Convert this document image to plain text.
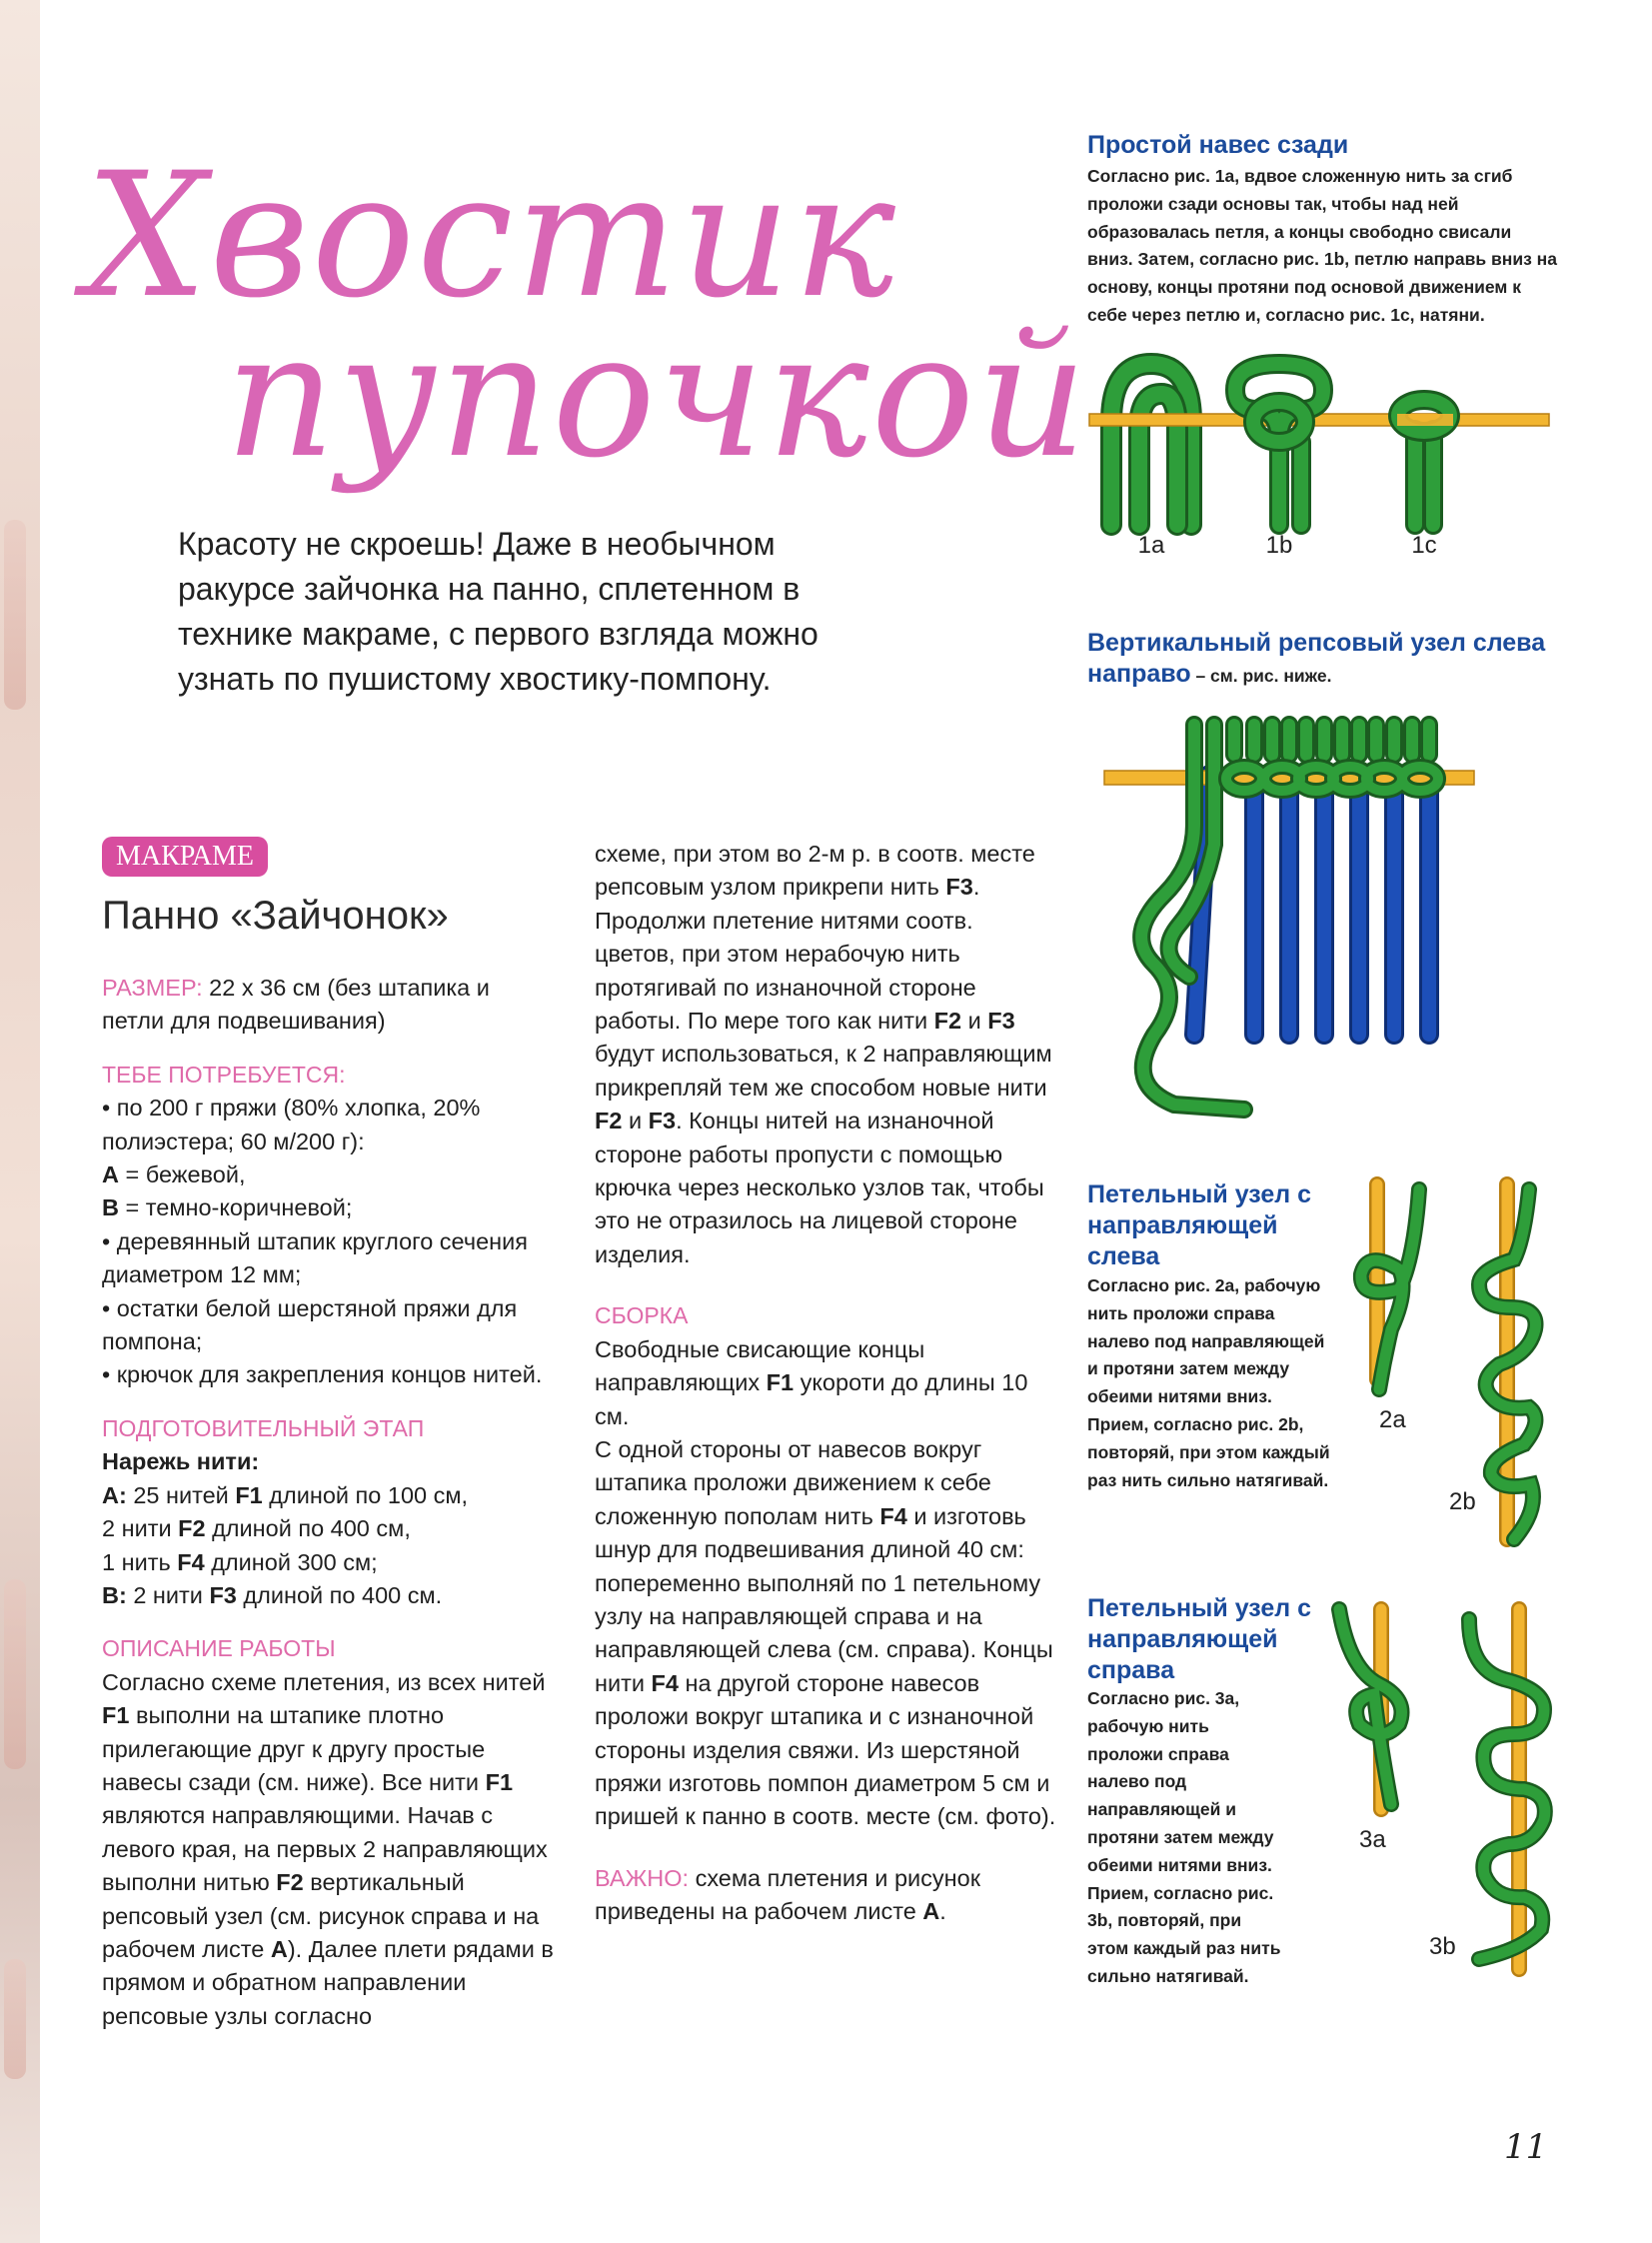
Хвостик
пупочкой
Красоту не скроешь! Даже в необычном ракурсе зайчонка на панно, сплетенном в технике макраме, с первого взгляда можно узнать по пушистому хвостику-помпону.
МАКРАМЕ
Панно «Зайчонок»

РАЗМЕР: 22 х 36 см (без штапика и петли для подвешивания)

ТЕБЕ ПОТРЕБУЕТСЯ:

• по 200 г пряжи (80% хлопка, 20% полиэстера; 60 м/200 г):

A = бежевой,

B = темно-коричневой;

• деревянный штапик круглого сечения диаметром 12 мм;

• остатки белой шерстяной пряжи для помпона;

• крючок для закрепления концов нитей.

ПОДГОТОВИТЕЛЬНЫЙ ЭТАП

Нарежь нити:

A: 25 нитей F1 длиной по 100 см,

2 нити F2 длиной по 400 см,

1 нить F4 длиной 300 см;

B: 2 нити F3 длиной по 400 см.

ОПИСАНИЕ РАБОТЫ

Согласно схеме плетения, из всех нитей F1 выполни на штапике плотно прилегающие друг к другу простые навесы сзади (см. ниже). Все нити F1 являются направляющими. Начав с левого края, на первых 2 направляющих выполни нитью F2 вертикальный репсовый узел (см. рисунок справа и на рабочем листе A). Далее плети рядами в прямом и обратном направлении репсовые узлы согласно

схеме, при этом во 2-м р. в соотв. месте репсовым узлом прикрепи нить F3. Продолжи плетение нитями соотв. цветов, при этом нерабочую нить протягивай по изнаночной стороне работы. По мере того как нити F2 и F3 будут использоваться, к 2 направляющим прикрепляй тем же способом новые нити F2 и F3. Концы нитей на изнаночной стороне работы пропусти с помощью крючка через несколько узлов так, чтобы это не отразилось на лицевой стороне изделия.

СБОРКА

Свободные свисающие концы направляющих F1 укороти до длины 10 см.

С одной стороны от навесов вокруг штапика проложи движением к себе сложенную пополам нить F4 и изготовь шнур для подвешивания длиной 40 см: попеременно выполняй по 1 петельному узлу на направляющей справа и на направляющей слева (см. справа). Концы нити F4 на другой стороне навесов проложи вокруг штапика и с изнаночной стороны изделия свяжи. Из шерстяной пряжи изготовь помпон диаметром 5 см и пришей к панно в соотв. месте (см. фото).

ВАЖНО: схема плетения и рисунок приведены на рабочем листе A.

Простой навес сзади
Согласно рис. 1a, вдвое сложенную нить за сгиб проложи сзади основы так, чтобы над ней образовалась петля, а концы свободно свисали вниз. Затем, согласно рис. 1b, петлю направь вниз на основу, концы протяни под основой движением к себе через петлю и, согласно рис. 1c, натяни.
1a	1b	1c
Вертикальный репсовый узел слева направо – см. рис. ниже.
Петельный узел с направляющей слева
Согласно рис. 2a, рабочую нить проложи справа налево под направляющей и протяни затем между обеими нитями вниз. Прием, согласно рис. 2b, повторяй, при этом каждый раз нить сильно натягивай.
2a
2b
Петельный узел с направляющей справа
Согласно рис. 3a, рабочую нить проложи справа налево под направляющей и протяни затем между обеими нитями вниз. Прием, согласно рис. 3b, повторяй, при этом каждый раз нить сильно натягивай.
3a
3b
11
